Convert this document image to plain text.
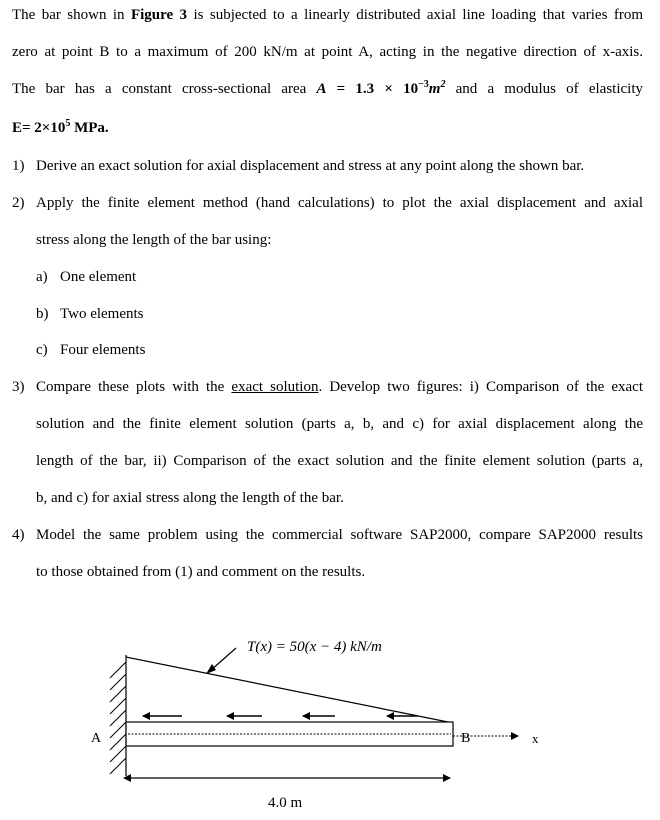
The bar shown in Figure 3 is subjected to a linearly distributed axial line loading that varies from
zero at point B to a maximum of 200 kN/m at point A, acting in the negative direction of x-axis.
The bar has a constant cross-sectional area $A = 1.3 \times 10^{-3}m^2$ and a modulus of elasticity
$E= 2\times 10^5$ MPa.
1) Derive an exact solution for axial displacement and stress at any point along the shown bar.
2) Apply the finite element method (hand calculations) to plot the axial displacement and axial
stress along the length of the bar using:
a) One element
b) Two elements
c) Four elements
3) Compare these plots with the exact solution. Develop two figures: i) Comparison of the exact
solution and the finite element solution (parts a, b, and c) for axial displacement along the
length of the bar, ii) Comparison of the exact solution and the finite element solution (parts a,
b, and c) for axial stress along the length of the bar.
4) Model the same problem using the commercial software SAP2000, compare SAP2000 results
to those obtained from (1) and comment on the results.
T(x) = 50(x − 4) kN/m
A	B	x
4.0 m
